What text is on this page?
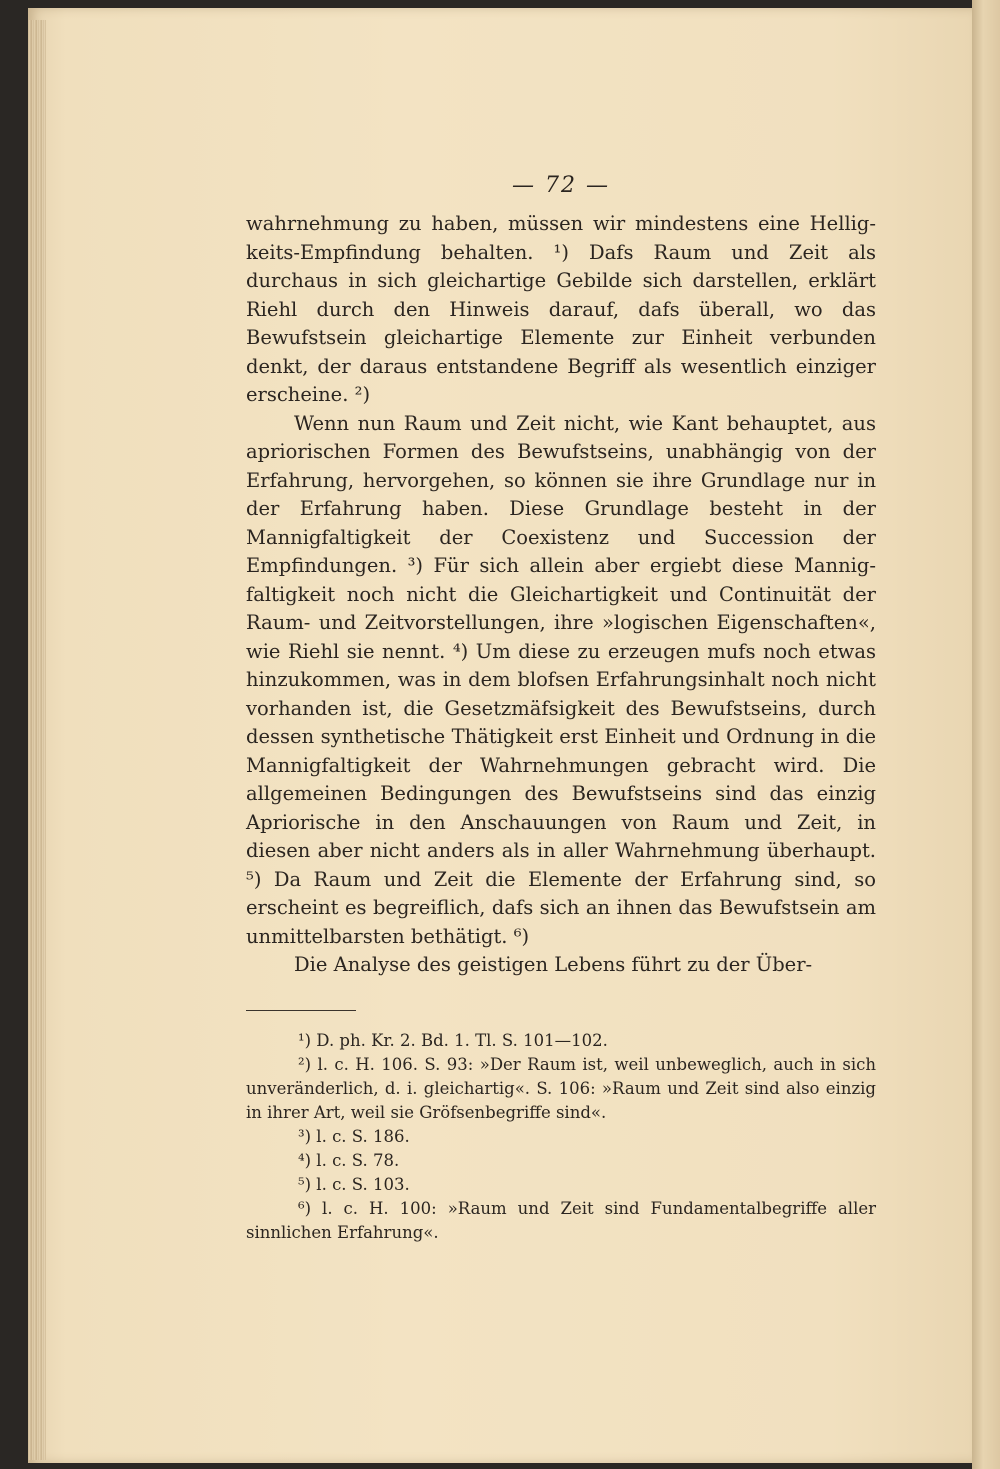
— 72 —

wahrnehmung zu haben, müssen wir mindestens eine Helligkeits-Empfindung behalten. ¹) Dafs Raum und Zeit als durchaus in sich gleichartige Gebilde sich darstellen, erklärt Riehl durch den Hinweis darauf, dafs überall, wo das Bewufstsein gleichartige Elemente zur Einheit verbunden denkt, der daraus entstandene Begriff als wesentlich einziger erscheine. ²)

Wenn nun Raum und Zeit nicht, wie Kant behauptet, aus apriorischen Formen des Bewufstseins, unabhängig von der Erfahrung, hervorgehen, so können sie ihre Grundlage nur in der Erfahrung haben. Diese Grundlage besteht in der Mannigfaltigkeit der Coexistenz und Succession der Empfindungen. ³) Für sich allein aber ergiebt diese Mannigfaltigkeit noch nicht die Gleichartigkeit und Continuität der Raum- und Zeitvorstellungen, ihre »logischen Eigenschaften«, wie Riehl sie nennt. ⁴) Um diese zu erzeugen mufs noch etwas hinzukommen, was in dem blofsen Erfahrungsinhalt noch nicht vorhanden ist, die Gesetzmäfsigkeit des Bewufstseins, durch dessen synthetische Thätigkeit erst Einheit und Ordnung in die Mannigfaltigkeit der Wahrnehmungen gebracht wird. Die allgemeinen Bedingungen des Bewufstseins sind das einzig Apriorische in den Anschauungen von Raum und Zeit, in diesen aber nicht anders als in aller Wahrnehmung überhaupt. ⁵) Da Raum und Zeit die Elemente der Erfahrung sind, so erscheint es begreiflich, dafs sich an ihnen das Bewufstsein am unmittelbarsten bethätigt. ⁶)

Die Analyse des geistigen Lebens führt zu der Über-

¹) D. ph. Kr. 2. Bd. 1. Tl. S. 101—102.

²) l. c. H. 106. S. 93: »Der Raum ist, weil unbeweglich, auch in sich unveränderlich, d. i. gleichartig«. S. 106: »Raum und Zeit sind also einzig in ihrer Art, weil sie Gröfsenbegriffe sind«.

³) l. c. S. 186.

⁴) l. c. S. 78.

⁵) l. c. S. 103.

⁶) l. c. H. 100: »Raum und Zeit sind Fundamentalbegriffe aller sinnlichen Erfahrung«.
